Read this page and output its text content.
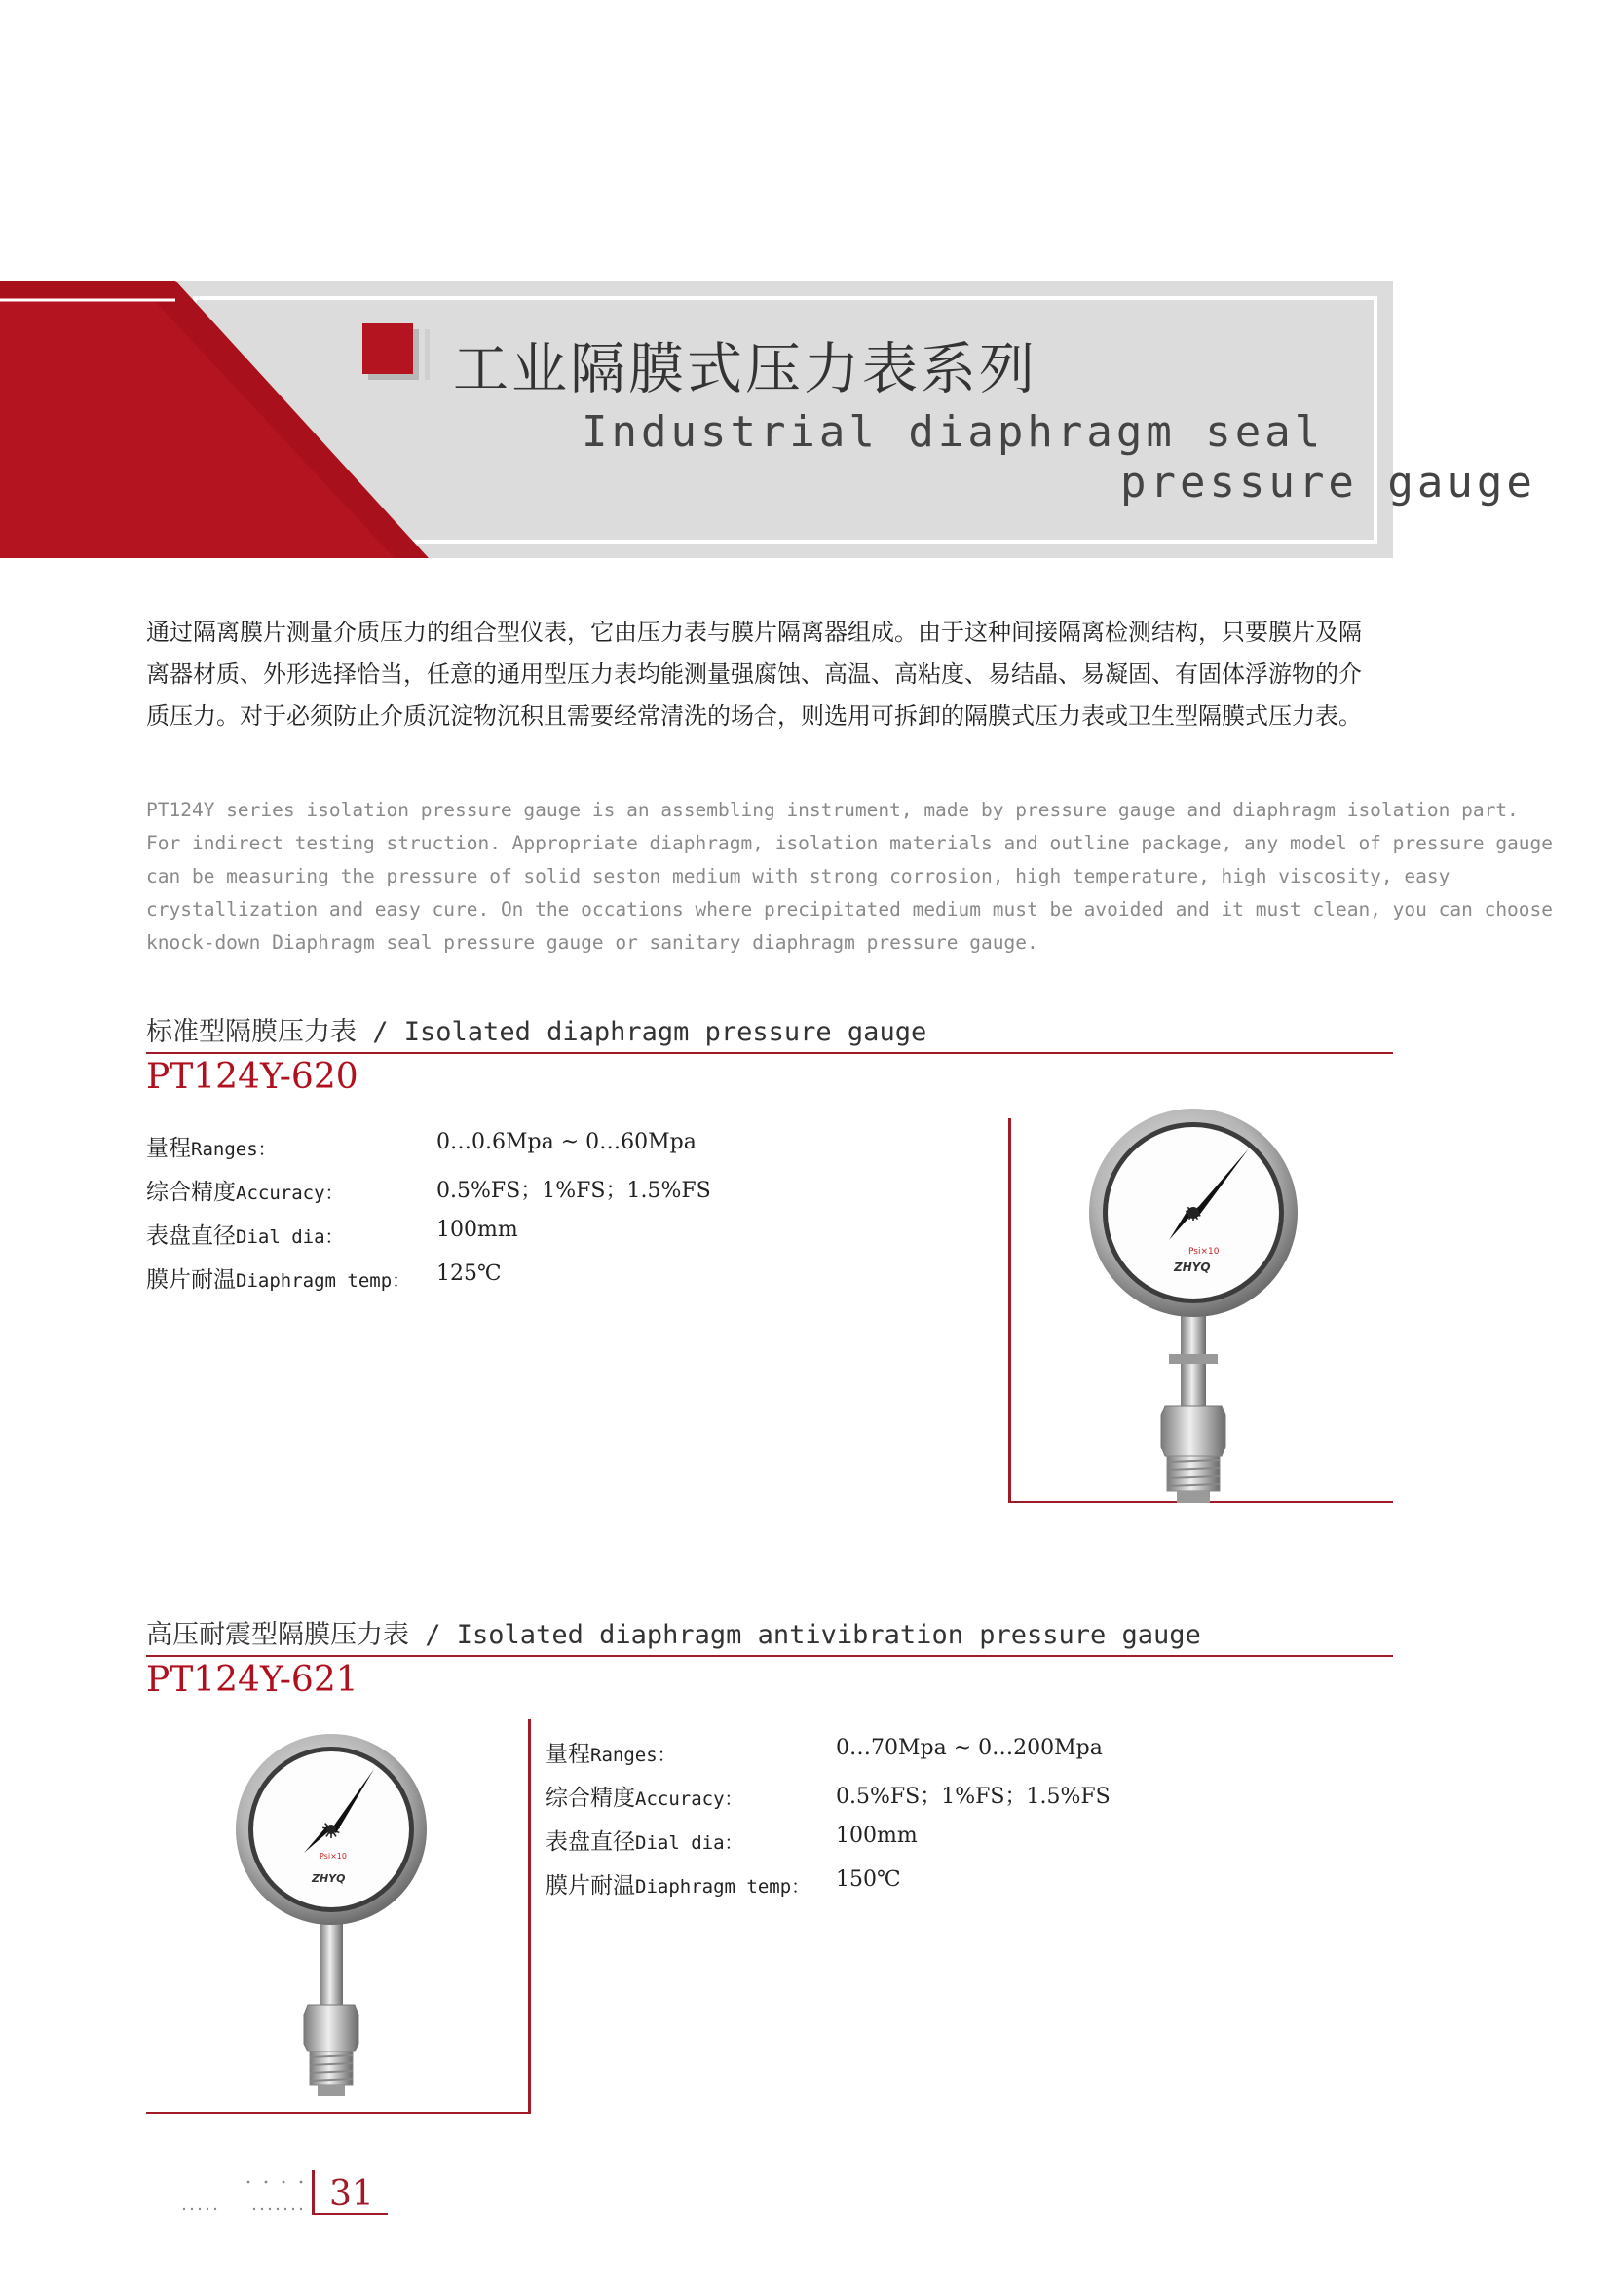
工业隔膜式压力表系列
Industrial diaphragm seal
pressure gauge
通过隔离膜片测量介质压力的组合型仪表，它由压力表与膜片隔离器组成。由于这种间接隔离检测结构，只要膜片及隔离器材质、外形选择恰当，任意的通用型压力表均能测量强腐蚀、高温、高粘度、易结晶、易凝固、有固体浮游物的介质压力。对于必须防止介质沉淀物沉积且需要经常清洗的场合，则选用可拆卸的隔膜式压力表或卫生型隔膜式压力表。
PT124Y series isolation pressure gauge is an assembling instrument, made by pressure gauge and diaphragm isolation part. For indirect testing struction. Appropriate diaphragm, isolation materials and outline package, any model of pressure gauge can be measuring the pressure of solid seston medium with strong corrosion, high temperature, high viscosity, easy crystallization and easy cure. On the occations where precipitated medium must be avoided and it must clean, you can choose knock-down Diaphragm seal pressure gauge or sanitary diaphragm pressure gauge.
标准型隔膜压力表 / Isolated diaphragm pressure gauge
PT124Y-620
量程Ranges：	0…0.6Mpa ~ 0…60Mpa
综合精度Accuracy：	0.5%FS；1%FS；1.5%FS
表盘直径Dial dia：	100mm
膜片耐温Diaphragm temp： 125℃
Psi×10
ZHYQ
高压耐震型隔膜压力表 / Isolated diaphragm antivibration pressure gauge
PT124Y-621
Psi×10
ZHYQ
量程Ranges：	0…70Mpa ~ 0…200Mpa
综合精度Accuracy：	0.5%FS；1%FS；1.5%FS
表盘直径Dial dia：	100mm
膜片耐温Diaphragm temp： 150℃
31
